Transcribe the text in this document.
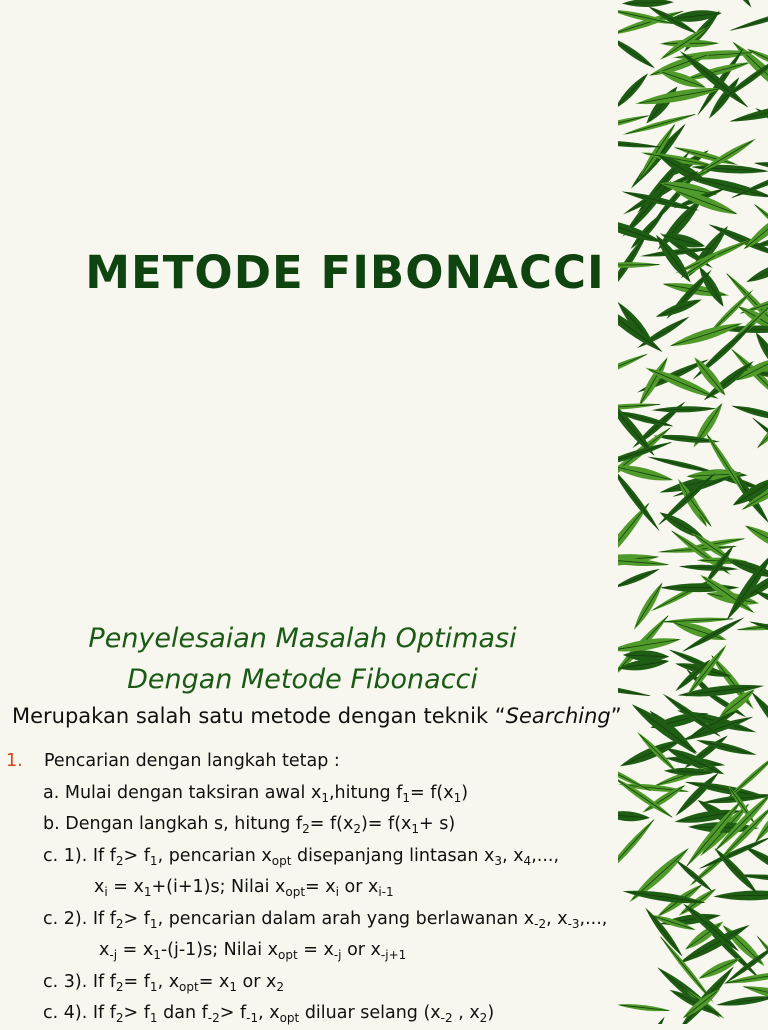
METODE FIBONACCI
Penyelesaian Masalah Optimasi
Dengan Metode Fibonacci
Merupakan salah satu metode dengan teknik “Searching”
1. Pencarian dengan langkah tetap :
a. Mulai dengan taksiran awal $x_1,hitung$ $f_1= f(x_1)$
b. Dengan langkah s, hitung $f_2= f(x_2)= f(x_1+ s)$
c. 1). If $f_2> f_1$, pencarian $x_{opt}$ disepanjang lintasan $x_3$, $x_4$,...,
$x_i = x_1+(i+1)s$; Nilai $x_{opt}= x_i$ or $x_{i-1}$
c. 2). If $f_2> f_1$, pencarian dalam arah yang berlawanan $x_{-2}$, $x_{-3}$,...,
$x_{-j} = x_1-(j-1)s$; Nilai $x_{opt} = x_{-j}$ or $x_{-j+1}$
c. 3). If $f_2= f_1$, $x_{opt}= x_1$ or $x_2$
c. 4). If $f_2> f_1$ dan $f_{-2}> f_{-1}$, $x_{opt}$ diluar selang ($x_{-2}$ , $x_2$)
